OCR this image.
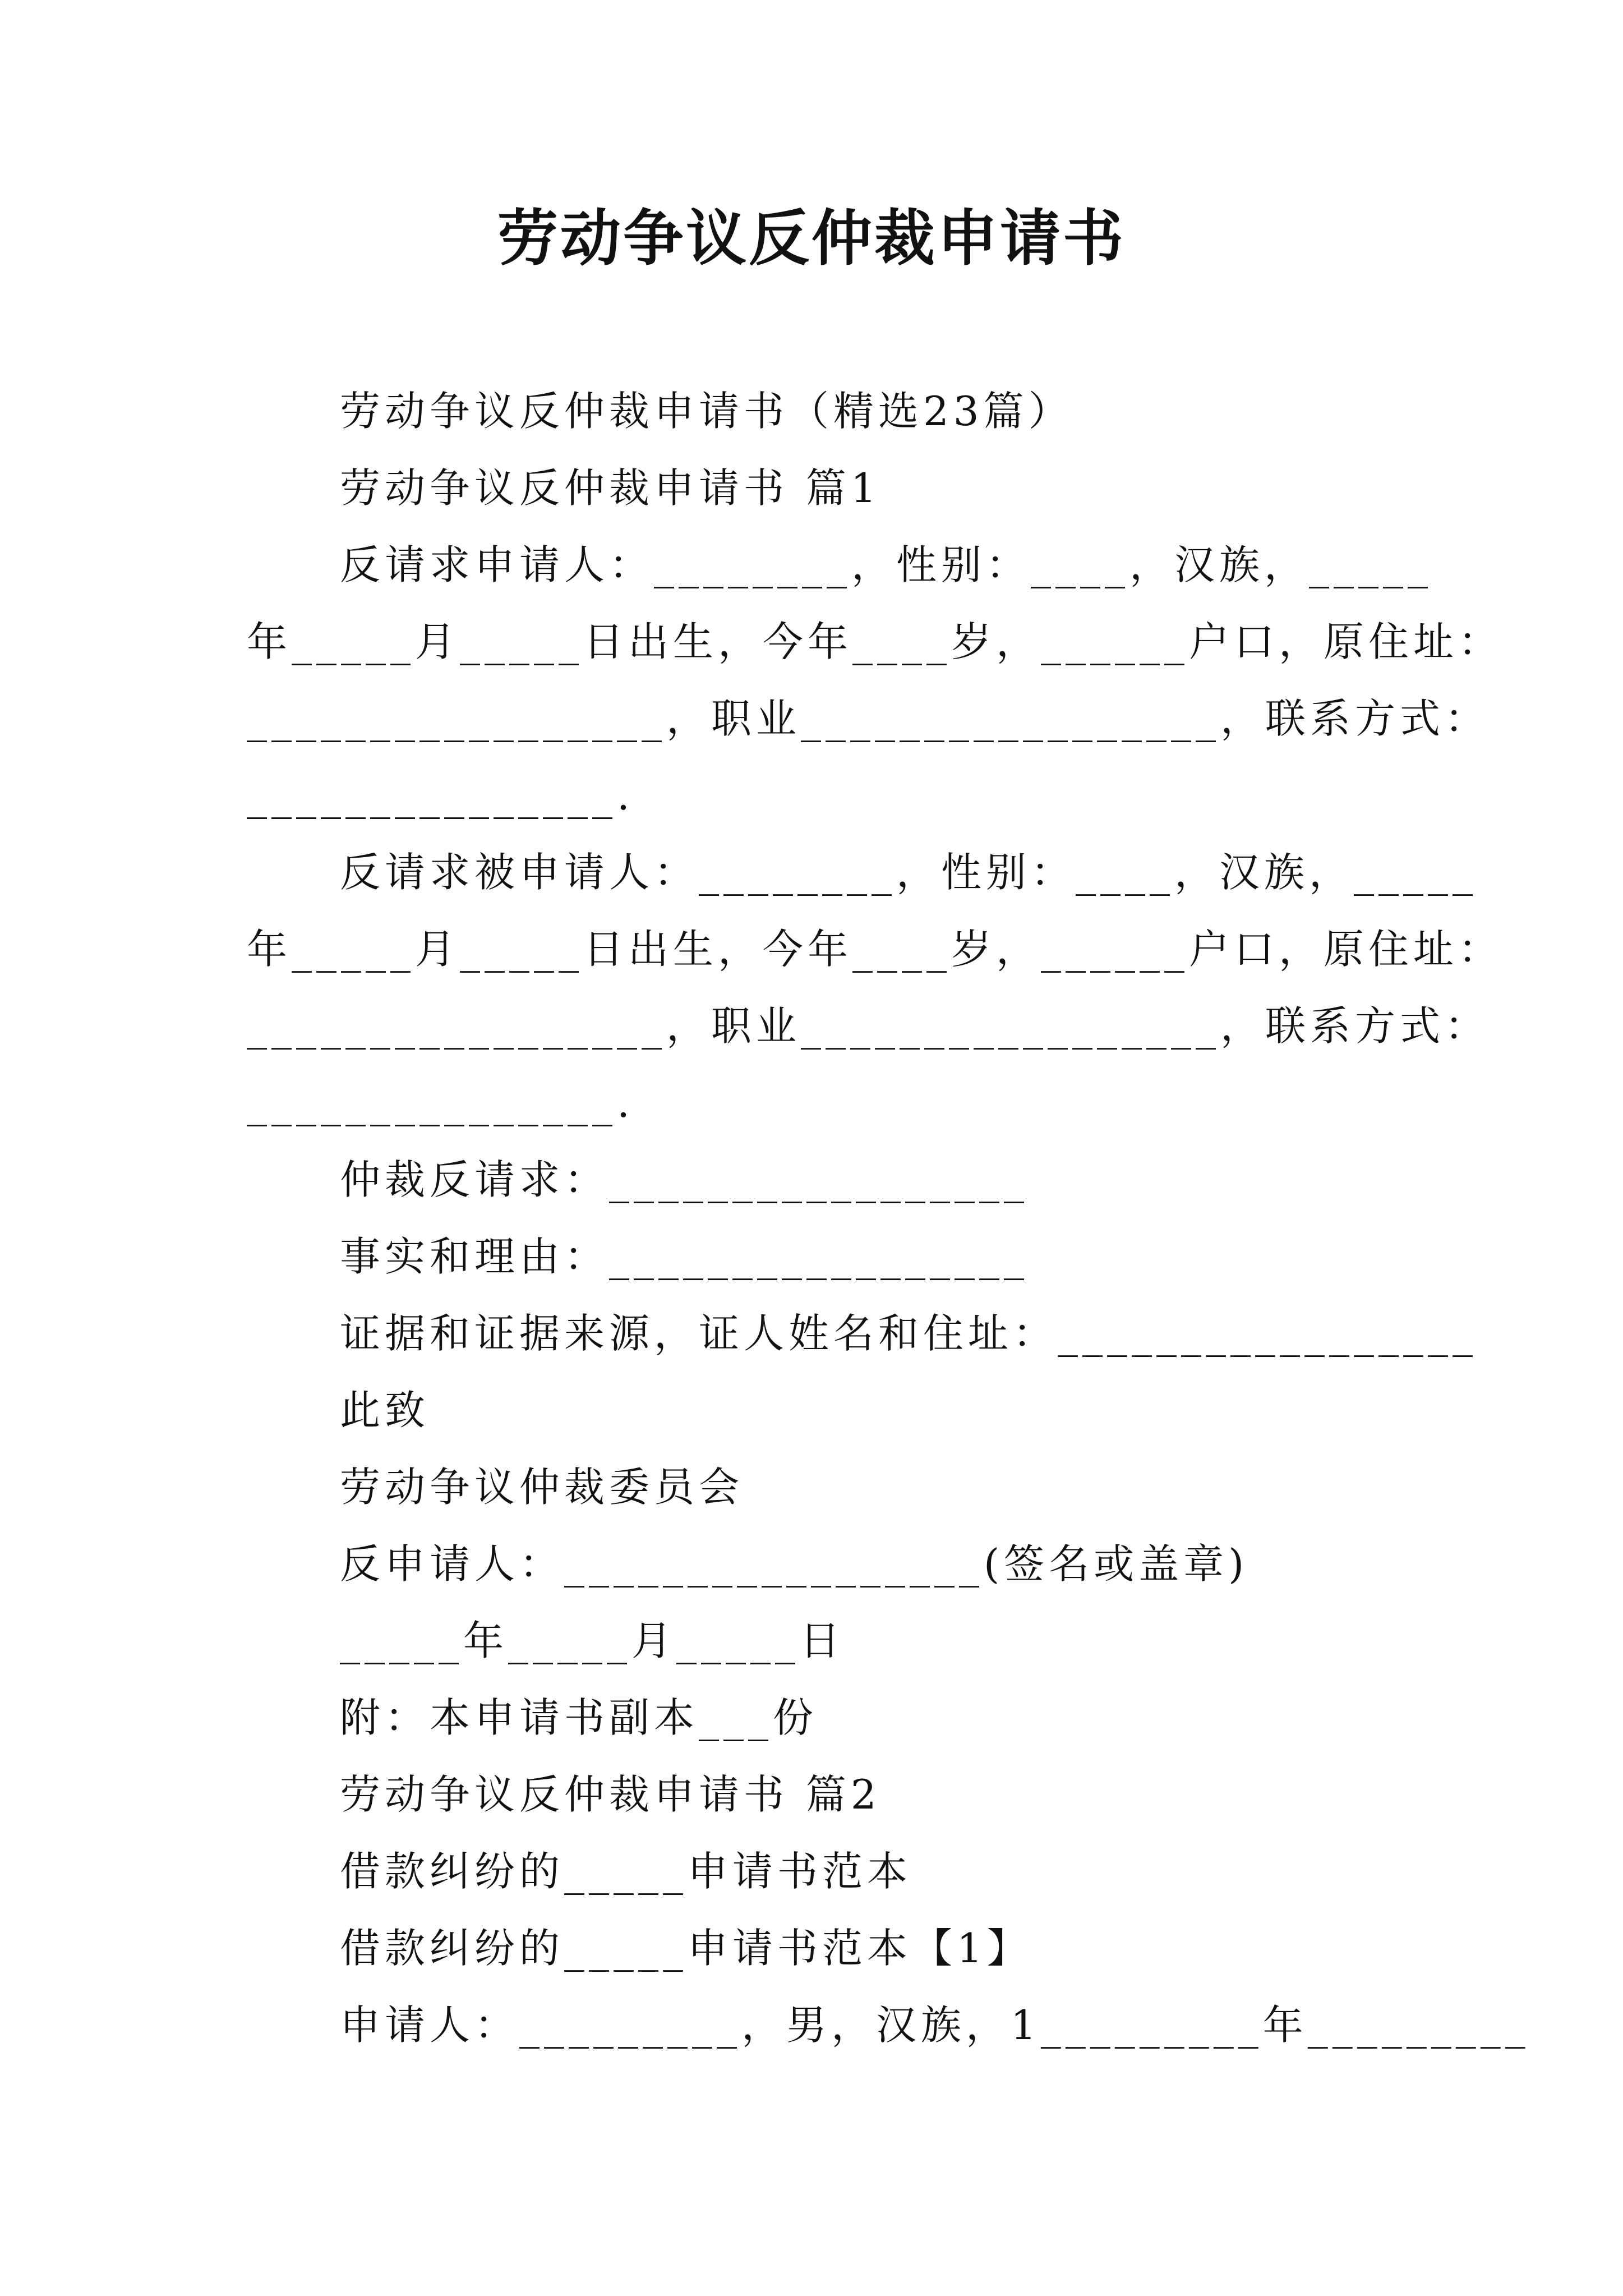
劳动争议反仲裁申请书
劳动争议反仲裁申请书（精选23篇）
劳动争议反仲裁申请书 篇1
反请求申请人：________，性别：____，汉族，_____
年_____月_____日出生，今年____岁，______户口，原住址：
_________________，职业_________________，联系方式：
_______________.
反请求被申请人：________，性别：____，汉族，_____
年_____月_____日出生，今年____岁，______户口，原住址：
_________________，职业_________________，联系方式：
_______________.
仲裁反请求：_________________
事实和理由：_________________
证据和证据来源，证人姓名和住址：_________________
此致
劳动争议仲裁委员会
反申请人：_________________(签名或盖章)
_____年_____月_____日
附：本申请书副本___份
劳动争议反仲裁申请书 篇2
借款纠纷的_____申请书范本
借款纠纷的_____申请书范本【1】
申请人：_________，男，汉族，1_________年_________
